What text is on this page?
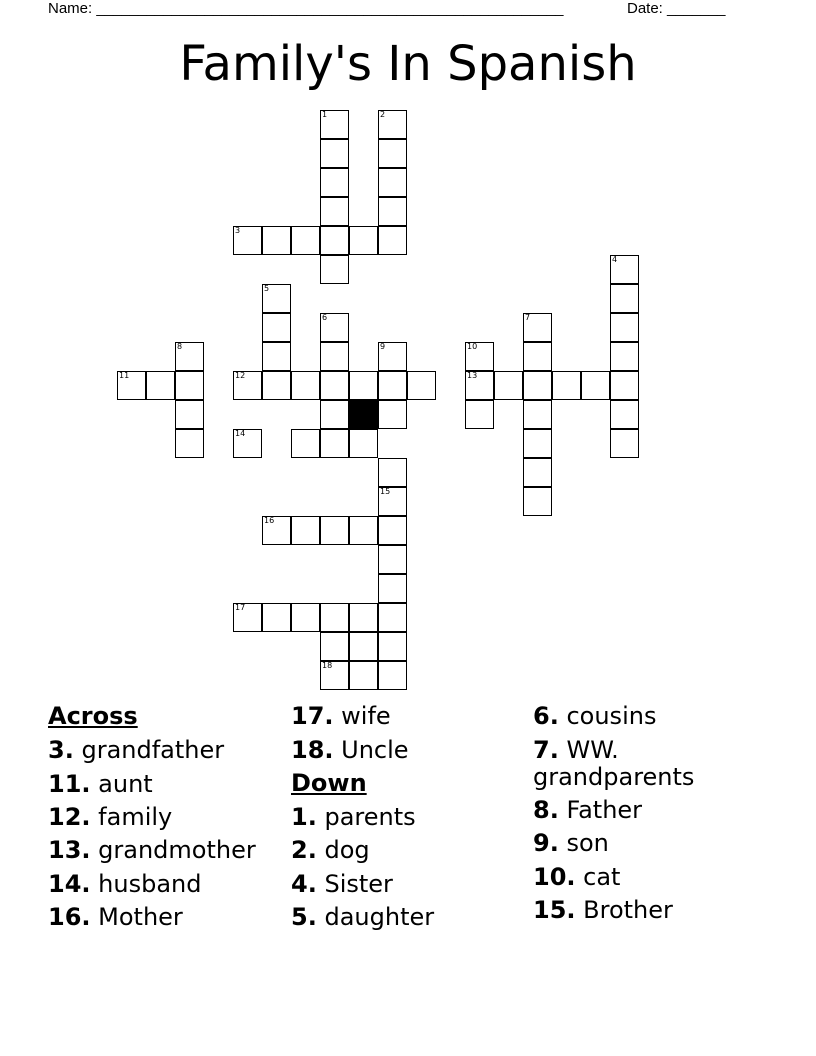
Name: ________________________________________________________	Date: _______
Family's In Spanish
1	2
3
4
5
6	7
8	9	10
13
11	12
14
15
16
17
18
Across
3. grandfather
11. aunt
12. family
13. grandmother
14. husband
16. Mother
17. wife
18. Uncle
Down
1. parents
2. dog
4. Sister
5. daughter
6. cousins
7. WW.
grandparents
8. Father
9. son
10. cat
15. Brother
